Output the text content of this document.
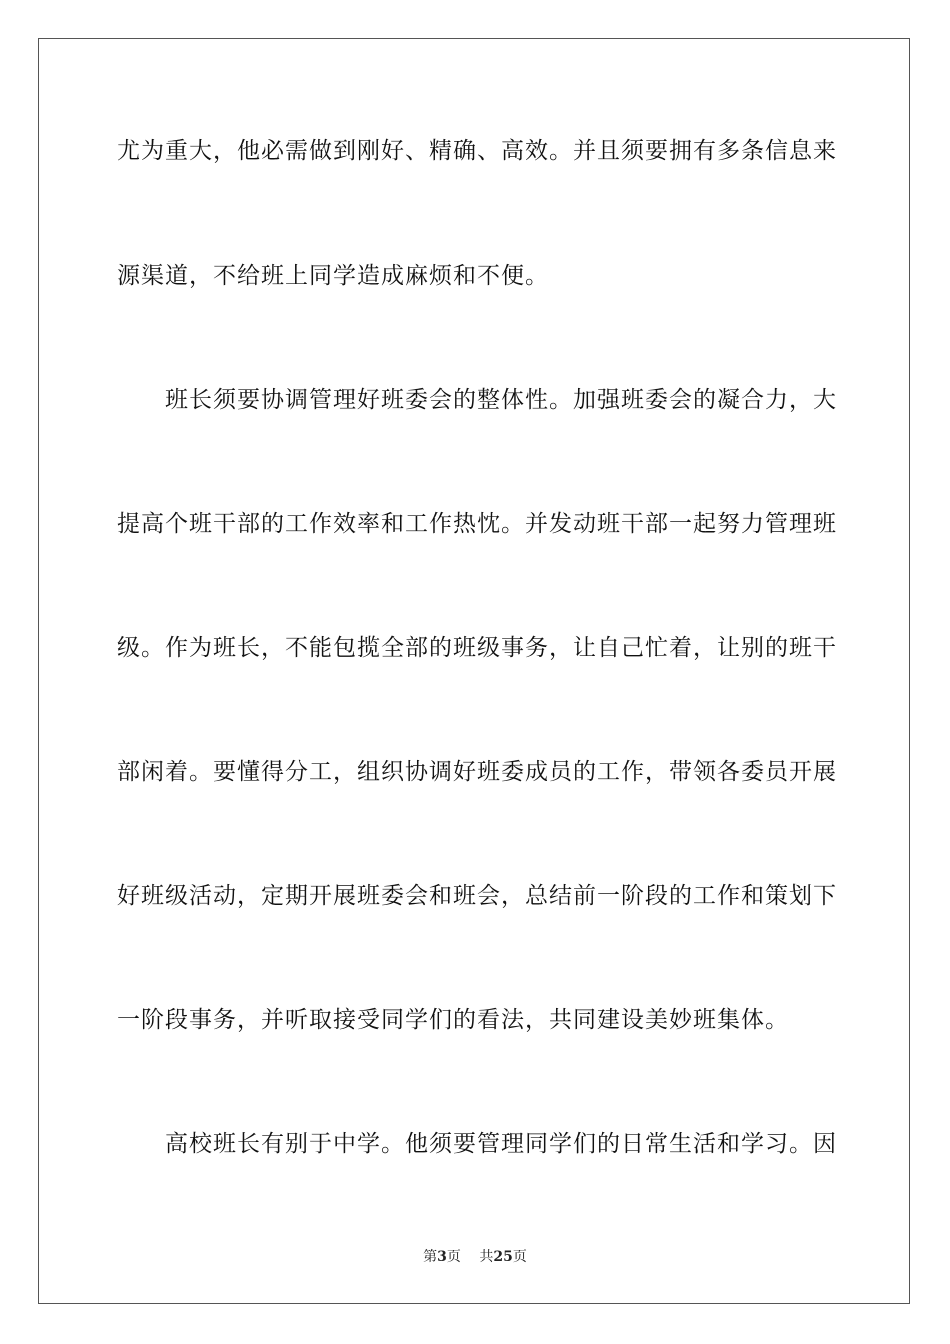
尤为重大，他必需做到刚好、精确、高效。并且须要拥有多条信息来
源渠道，不给班上同学造成麻烦和不便。
　　班长须要协调管理好班委会的整体性。加强班委会的凝合力，大
提高个班干部的工作效率和工作热忱。并发动班干部一起努力管理班
级。作为班长，不能包揽全部的班级事务，让自己忙着，让别的班干
部闲着。要懂得分工，组织协调好班委成员的工作，带领各委员开展
好班级活动，定期开展班委会和班会，总结前一阶段的工作和策划下
一阶段事务，并听取接受同学们的看法，共同建设美妙班集体。
　　高校班长有别于中学。他须要管理同学们的日常生活和学习。因
第3页　 共25页
